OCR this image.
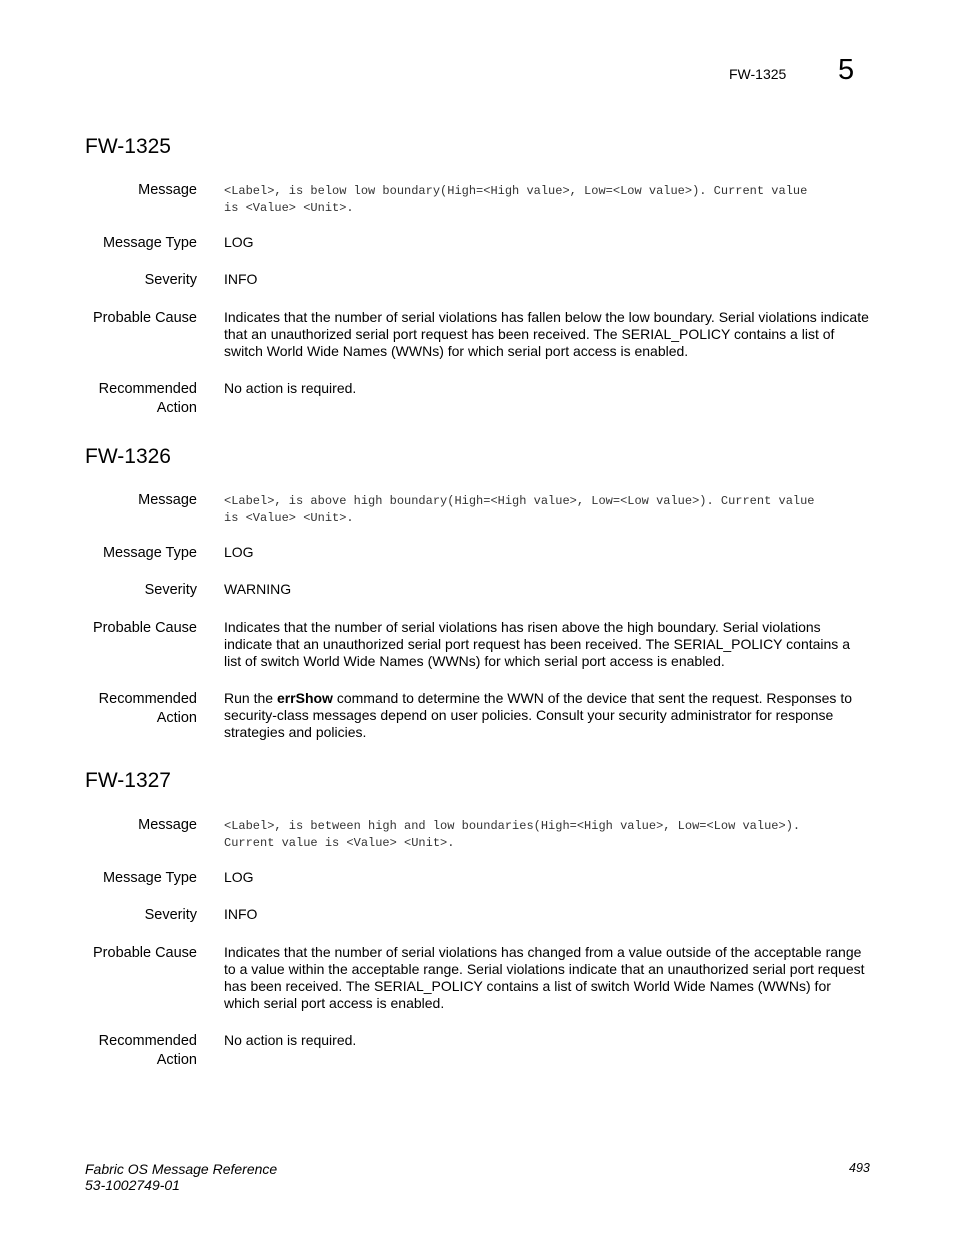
FW-1325 5
FW-1325
Message <Label>, is below low boundary(High=<High value>, Low=<Low value>). Current value
is <Value> <Unit>.
Message Type LOG
Severity INFO
Probable Cause Indicates that the number of serial violations has fallen below the low boundary. Serial violations indicate that an unauthorized serial port request has been received. The SERIAL_POLICY contains a list of switch World Wide Names (WWNs) for which serial port access is enabled.
Recommended
Action
No action is required.
FW-1326
Message <Label>, is above high boundary(High=<High value>, Low=<Low value>). Current value
is <Value> <Unit>.
Message Type LOG
Severity WARNING
Probable Cause Indicates that the number of serial violations has risen above the high boundary. Serial violations indicate that an unauthorized serial port request has been received. The SERIAL_POLICY contains a list of switch World Wide Names (WWNs) for which serial port access is enabled.
Recommended
Action
Run the errShow command to determine the WWN of the device that sent the request. Responses to security-class messages depend on user policies. Consult your security administrator for response strategies and policies.
FW-1327
Message <Label>, is between high and low boundaries(High=<High value>, Low=<Low value>).
Current value is <Value> <Unit>.
Message Type LOG
Severity INFO
Probable Cause Indicates that the number of serial violations has changed from a value outside of the acceptable range to a value within the acceptable range. Serial violations indicate that an unauthorized serial port request has been received. The SERIAL_POLICY contains a list of switch World Wide Names (WWNs) for which serial port access is enabled.
Recommended
Action
No action is required.
Fabric OS Message Reference
53-1002749-01
493
